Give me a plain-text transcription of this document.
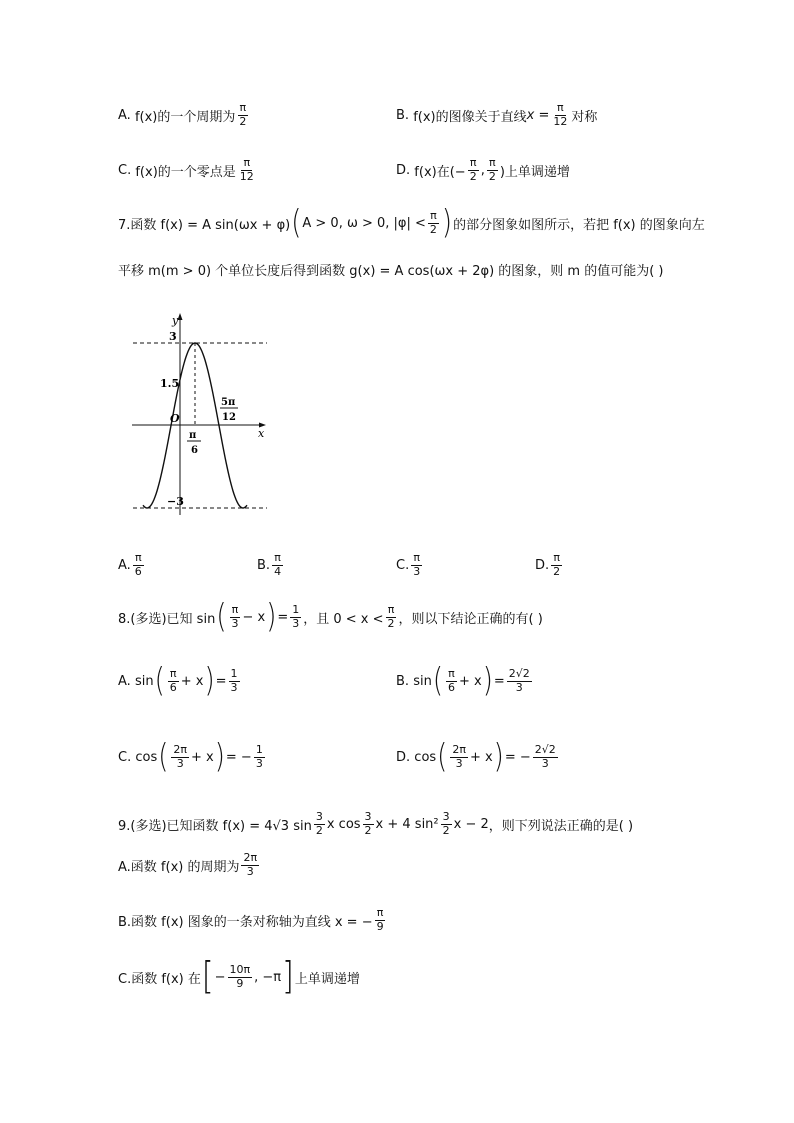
A.
f(x)的一个周期为 $\frac{\pi}{2}$	B.
f(x)的图像关于直线 $x = \frac{\pi}{12}$ 对称
C.
f(x)的一个零点是 $\frac{\pi}{12}$	D.
f(x)在(− $\frac{\pi}{2}$ , $\frac{\pi}{2}$ )上单调递增
7.函数 f(x) = A sin(ωx + φ) ( A > 0, ω > 0, $|\varphi| < \frac{\pi}{2}$ ) 的部分图象如图所示，若把 f(x) 的图象向左
平移 m(m > 0) 个单位长度后得到函数 g(x) = A cos(ωx + 2φ) 的图象，则 m 的值可能为( )
y
x
3
1.5
−3
O
π
6
5π
12
A. $\frac{\pi}{6}$	B. $\frac{\pi}{4}$	C. $\frac{\pi}{3}$	D. $\frac{\pi}{2}$
8.(多选)已知 sin ( $\frac{\pi}{3} - x$ ) = $\frac{1}{3}$ ，且 $0 < x < \frac{\pi}{2}$ ，则以下结论正确的有( )
A.
sin ( $\frac{\pi}{6} + x$ ) = $\frac{1}{3}$	B.
sin ( $\frac{\pi}{6} + x$ ) = $\frac{2√2}{3}$
C.
cos ( $\frac{2\pi}{3} + x$ ) = − $\frac{1}{3}$	D.
cos ( $\frac{2\pi}{3} + x$ ) = − $\frac{2√2}{3}$
9.(多选)已知函数 f(x) = 4√3 $\sin \frac{3}{2}$ x $\cos \frac{3}{2}$ x + 4 $\sin^2 \frac{3}{2}$ x − 2 ，则下列说法正确的是( )
A.函数 f(x) 的周期为 $\frac{2\pi}{3}$
B.函数 f(x) 图象的一条对称轴为直线 x = − $\frac{\pi}{9}$
C.函数 f(x) 在 [ − $\frac{10\pi}{9}$ , −π ] 上单调递增
